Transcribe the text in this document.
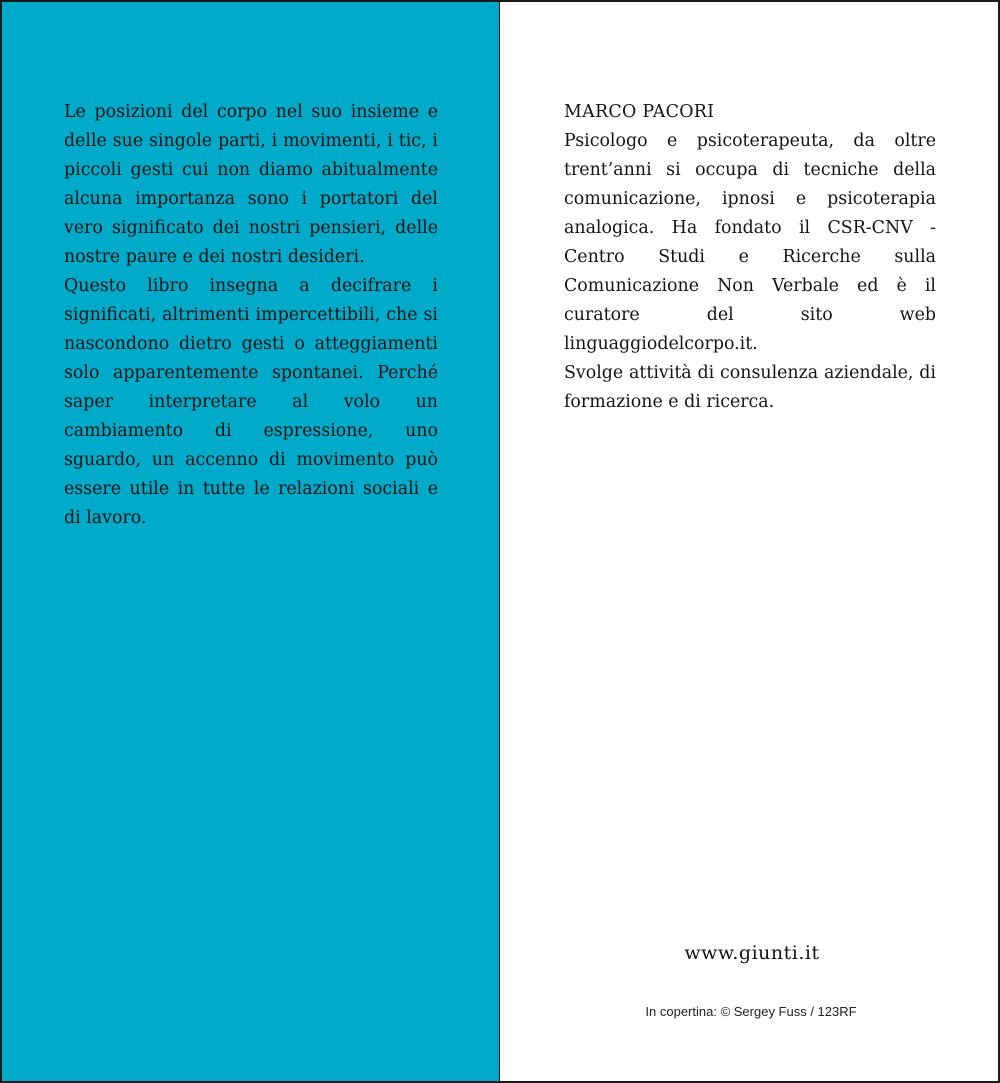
Le posizioni del corpo nel suo insieme e delle sue singole parti, i movimenti, i tic, i piccoli gesti cui non diamo abitualmente alcuna importanza sono i portatori del vero significato dei nostri pensieri, delle nostre paure e dei nostri desideri.

Questo libro insegna a decifrare i significati, altrimenti impercettibili, che si nascondono dietro gesti o atteggiamenti solo apparentemente spontanei. Perché saper interpretare al volo un cambiamento di espressione, uno sguardo, un accenno di movimento può essere utile in tutte le relazioni sociali e di lavoro.

MARCO PACORI

Psicologo e psicoterapeuta, da oltre trent’anni si occupa di tecniche della comunicazione, ipnosi e psicoterapia analogica. Ha fondato il CSR-CNV - Centro Studi e Ricerche sulla Comunicazione Non Verbale ed è il curatore del sito web linguaggiodelcorpo.it.

Svolge attività di consulenza aziendale, di formazione e di ricerca.

www.giunti.it
In copertina: © Sergey Fuss / 123RF
